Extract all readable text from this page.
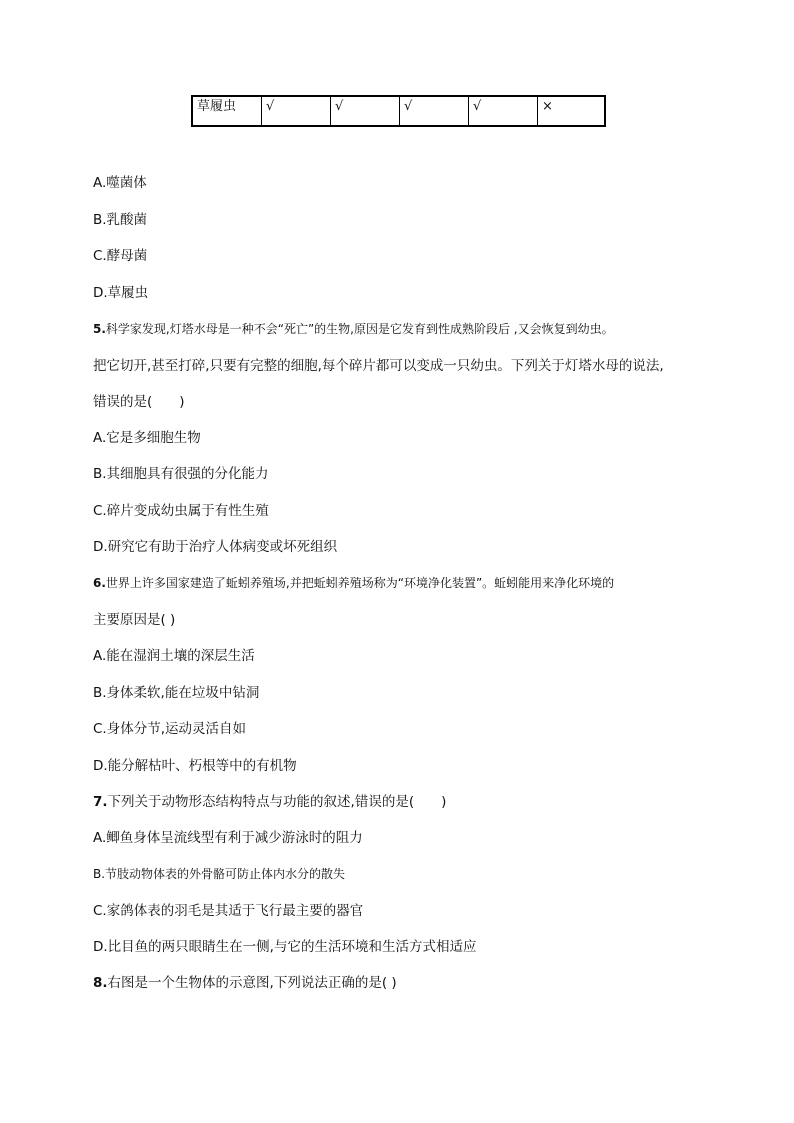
草履虫	√	√	√	√	×
A.噬菌体
B.乳酸菌
C.酵母菌
D.草履虫
5.科学家发现,灯塔水母是一种不会“死亡”的生物,原因是它发育到性成熟阶段后 ,又会恢复到幼虫。
把它切开,甚至打碎,只要有完整的细胞,每个碎片都可以变成一只幼虫。下列关于灯塔水母的说法,
错误的是(　　)
A.它是多细胞生物
B.其细胞具有很强的分化能力
C.碎片变成幼虫属于有性生殖
D.研究它有助于治疗人体病变或坏死组织
6.世界上许多国家建造了蚯蚓养殖场,并把蚯蚓养殖场称为“环境净化装置”。蚯蚓能用来净化环境的
主要原因是( )
A.能在湿润土壤的深层生活
B.身体柔软,能在垃圾中钻洞
C.身体分节,运动灵活自如
D.能分解枯叶、朽根等中的有机物
7.下列关于动物形态结构特点与功能的叙述,错误的是(　　)
A.鲫鱼身体呈流线型有利于减少游泳时的阻力
B.节肢动物体表的外骨骼可防止体内水分的散失
C.家鸽体表的羽毛是其适于飞行最主要的器官
D.比目鱼的两只眼睛生在一侧,与它的生活环境和生活方式相适应
8.右图是一个生物体的示意图,下列说法正确的是( )
